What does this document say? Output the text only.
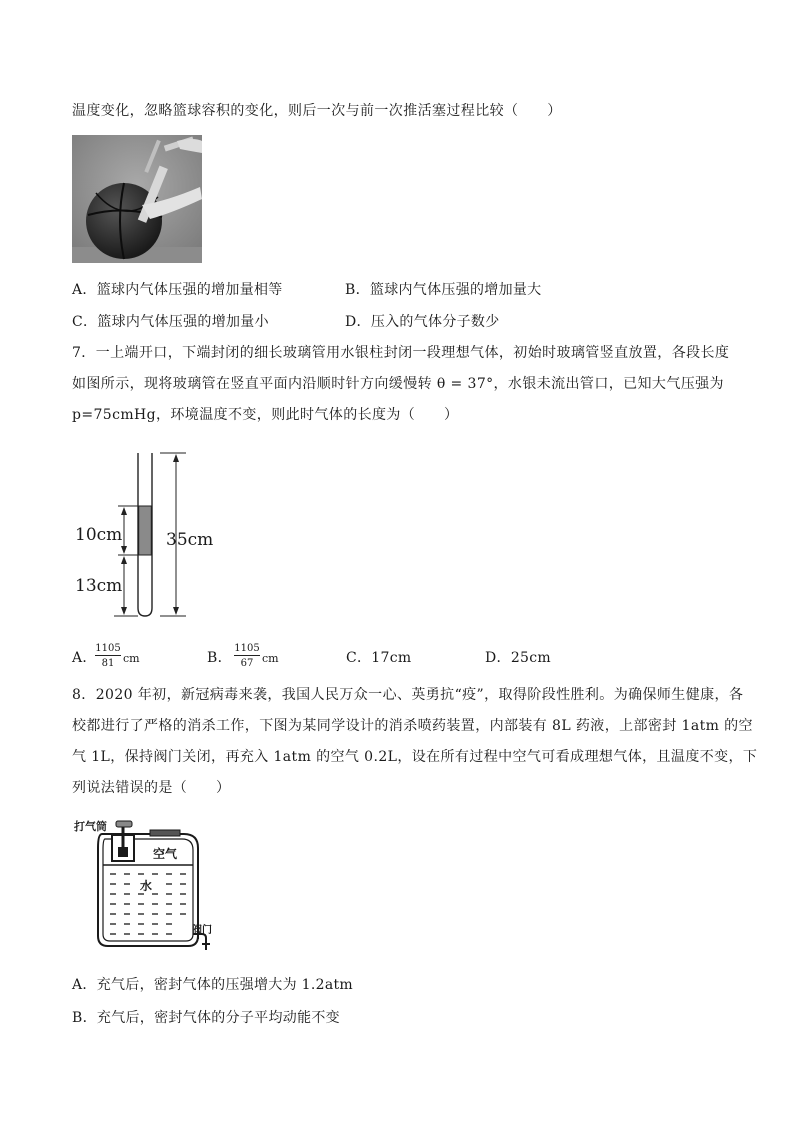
温度变化，忽略篮球容积的变化，则后一次与前一次推活塞过程比较（　　）
A．篮球内气体压强的增加量相等	B．篮球内气体压强的增加量大
C．篮球内气体压强的增加量小	D．压入的气体分子数少
7．一上端开口，下端封闭的细长玻璃管用水银柱封闭一段理想气体，初始时玻璃管竖直放置，各段长度
如图所示，现将玻璃管在竖直平面内沿顺时针方向缓慢转 θ = 37°，水银未流出管口，已知大气压强为
p=75cmHg，环境温度不变，则此时气体的长度为（　　）
10cm
13cm
35cm
A．
$\frac{1105}{81}$ cm	B． $\frac{1105}{67}$ cm	C．17cm	D．25cm
8．2020 年初，新冠病毒来袭，我国人民万众一心、英勇抗“疫”，取得阶段性胜利。为确保师生健康，各
校都进行了严格的消杀工作，下图为某同学设计的消杀喷药装置，内部装有 8L 药液，上部密封 1atm 的空
气 1L，保持阀门关闭，再充入 1atm 的空气 0.2L，设在所有过程中空气可看成理想气体，且温度不变，下
列说法错误的是（　　）
打气筒
空气
水
阀门
A．充气后，密封气体的压强增大为 1.2atm
B．充气后，密封气体的分子平均动能不变
